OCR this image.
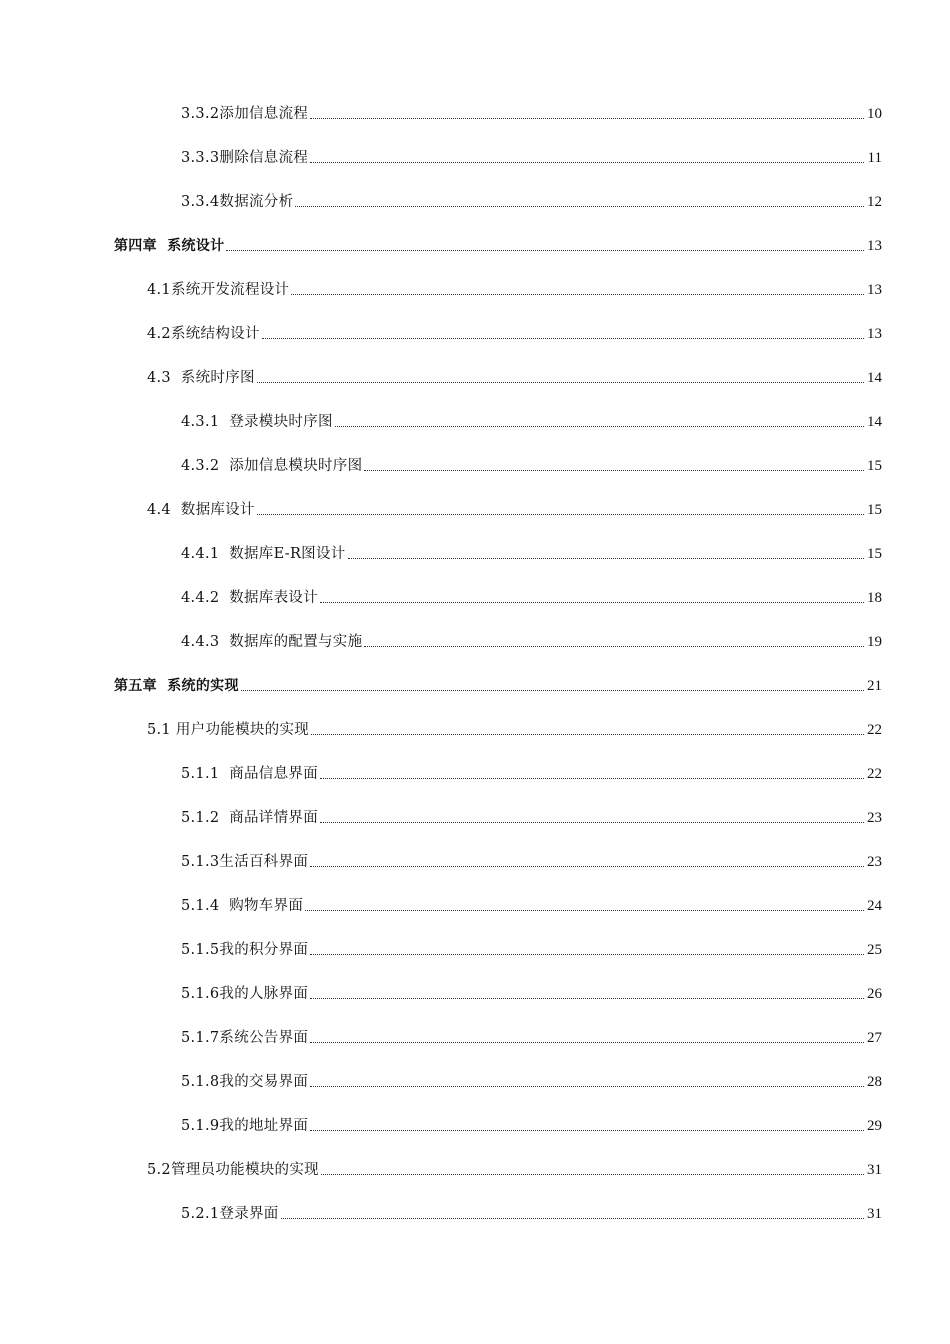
3.3.2添加信息流程	10
3.3.3删除信息流程	11
3.3.4数据流分析	12
第四章  系统设计	13
4.1系统开发流程设计	13
4.2系统结构设计	13
4.3  系统时序图	14
4.3.1  登录模块时序图	14
4.3.2  添加信息模块时序图	15
4.4  数据库设计	15
4.4.1  数据库E-R图设计	15
4.4.2  数据库表设计	18
4.4.3  数据库的配置与实施	19
第五章  系统的实现	21
5.1 用户功能模块的实现	22
5.1.1  商品信息界面	22
5.1.2  商品详情界面	23
5.1.3生活百科界面	23
5.1.4  购物车界面	24
5.1.5我的积分界面	25
5.1.6我的人脉界面	26
5.1.7系统公告界面	27
5.1.8我的交易界面	28
5.1.9我的地址界面	29
5.2管理员功能模块的实现	31
5.2.1登录界面	31
